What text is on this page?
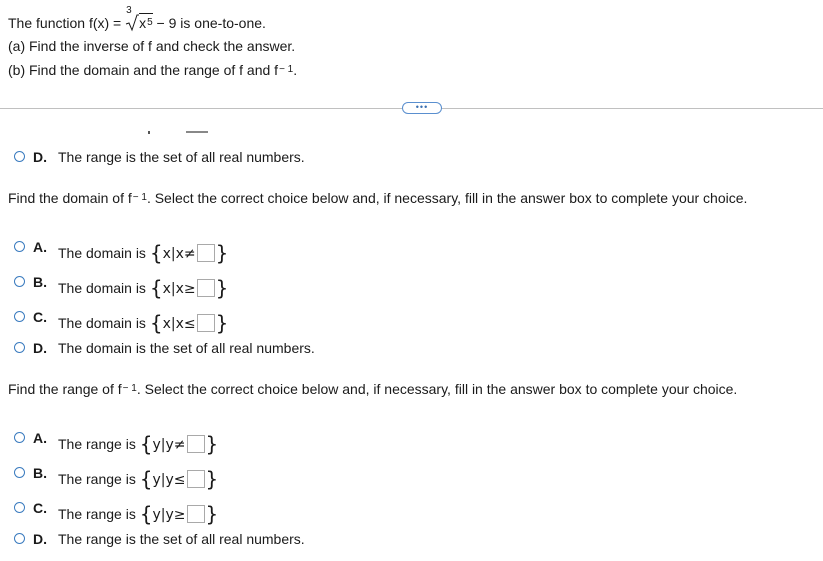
The function f(x) =
3
$x^5 - 9$ is one-to-one.
(a) Find the inverse of f and check the answer.
(b) Find the domain and the range of f and $f^{- 1}$.
•••
D. The range is the set of all real numbers.
Find the domain of $f^{- 1}$. Select the correct choice below and, if necessary, fill in the answer box to complete your choice.
A. The domain is {x|x≠ }
B. The domain is {x|x≥ }
C. The domain is {x|x≤ }
D. The domain is the set of all real numbers.
Find the range of $f^{- 1}$. Select the correct choice below and, if necessary, fill in the answer box to complete your choice.
A. The range is {y|y≠ }
B. The range is {y|y≤ }
C. The range is {y|y≥ }
D. The range is the set of all real numbers.
